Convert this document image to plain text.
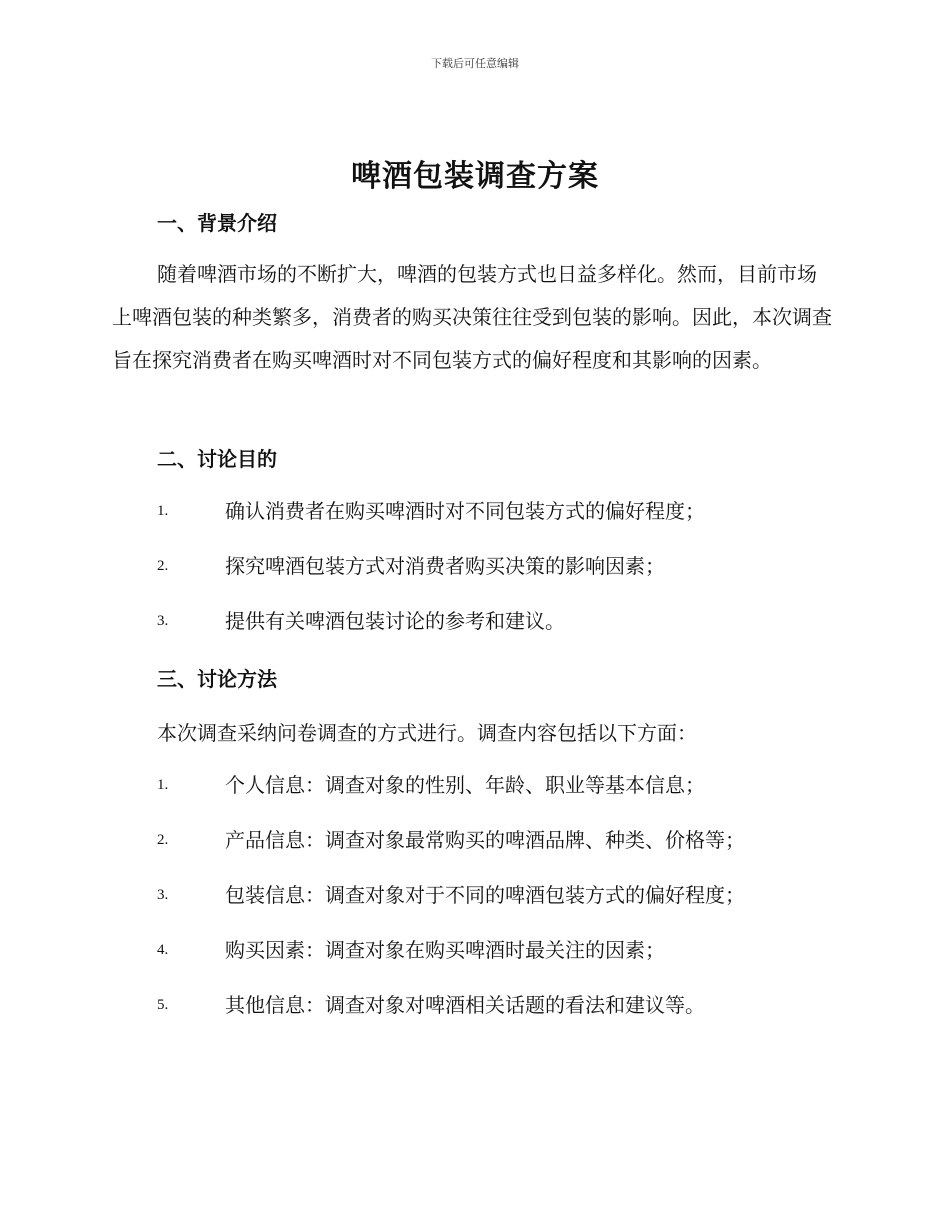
下载后可任意编辑
啤酒包装调查方案
一、背景介绍
随着啤酒市场的不断扩大，啤酒的包装方式也日益多样化。然而，目前市场上啤酒包装的种类繁多，消费者的购买决策往往受到包装的影响。因此，本次调查旨在探究消费者在购买啤酒时对不同包装方式的偏好程度和其影响的因素。
二、讨论目的
1.	确认消费者在购买啤酒时对不同包装方式的偏好程度；
2.	探究啤酒包装方式对消费者购买决策的影响因素；
3.	提供有关啤酒包装讨论的参考和建议。
三、讨论方法
本次调查采纳问卷调查的方式进行。调查内容包括以下方面：
1.	个人信息：调查对象的性别、年龄、职业等基本信息；
2.	产品信息：调查对象最常购买的啤酒品牌、种类、价格等；
3.	包装信息：调查对象对于不同的啤酒包装方式的偏好程度；
4.	购买因素：调查对象在购买啤酒时最关注的因素；
5.	其他信息：调查对象对啤酒相关话题的看法和建议等。
